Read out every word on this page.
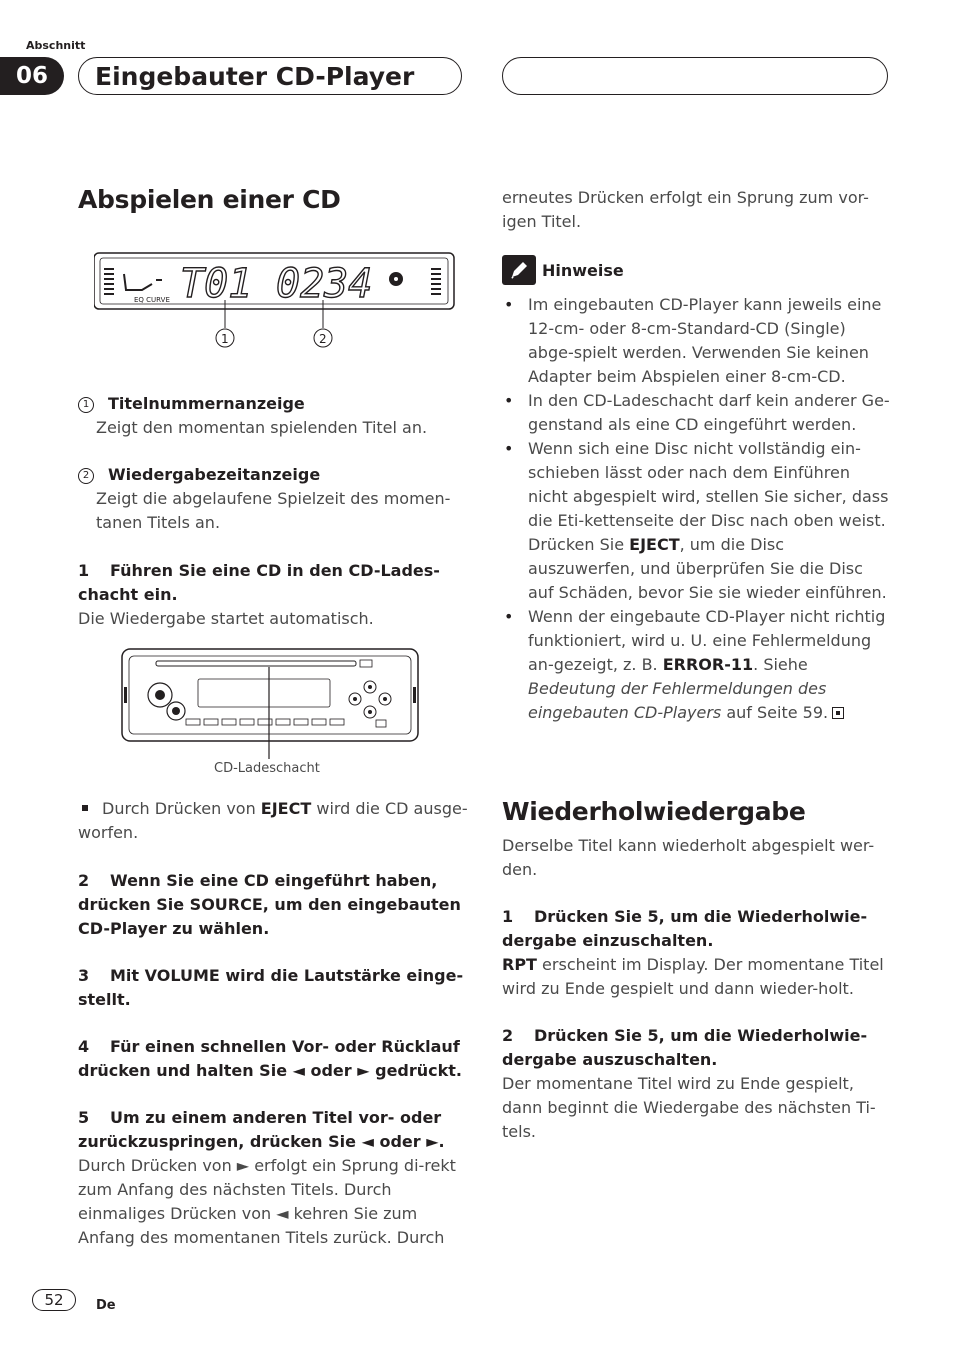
Abschnitt
06	Eingebauter CD-Player
Abspielen einer CD
EQ CURVE T01 0234
1	2
1 Titelnummernanzeige
Zeigt den momentan spielenden Titel an.
2 Wiedergabezeitanzeige
Zeigt die abgelaufene Spielzeit des momen-tanen Titels an.

1 Führen Sie eine CD in den CD-Lades-chacht ein.

Die Wiedergabe startet automatisch.
CD-Ladeschacht
Durch Drücken von EJECT wird die CD ausge-worfen.

2 Wenn Sie eine CD eingeführt haben, drücken Sie SOURCE, um den eingebauten CD-Player zu wählen.

3 Mit VOLUME wird die Lautstärke einge-stellt.

4 Für einen schnellen Vor- oder Rücklauf drücken und halten Sie ◄ oder ► gedrückt.

5 Um zu einem anderen Titel vor- oder zurückzuspringen, drücken Sie ◄ oder ►.

Durch Drücken von ► erfolgt ein Sprung di-rekt zum Anfang des nächsten Titels. Durch einmaliges Drücken von ◄ kehren Sie zum Anfang des momentanen Titels zurück. Durch
erneutes Drücken erfolgt ein Sprung zum vor-igen Titel.
Hinweise
• Im eingebauten CD-Player kann jeweils eine 12-cm- oder 8-cm-Standard-CD (Single) abge-spielt werden. Verwenden Sie keinen Adapter beim Abspielen einer 8-cm-CD.
• In den CD-Ladeschacht darf kein anderer Ge-genstand als eine CD eingeführt werden.
• Wenn sich eine Disc nicht vollständig ein-schieben lässt oder nach dem Einführen nicht abgespielt wird, stellen Sie sicher, dass die Eti-kettenseite der Disc nach oben weist. Drücken Sie EJECT, um die Disc auszuwerfen, und überprüfen Sie die Disc auf Schäden, bevor Sie sie wieder einführen.
• Wenn der eingebaute CD-Player nicht richtig funktioniert, wird u. U. eine Fehlermeldung an-gezeigt, z. B. ERROR-11. Siehe Bedeutung der Fehlermeldungen des eingebauten CD-Players auf Seite 59.
Wiederholwiedergabe
Derselbe Titel kann wiederholt abgespielt wer-den.

1 Drücken Sie 5, um die Wiederholwie-dergabe einzuschalten.

RPT erscheint im Display. Der momentane Titel wird zu Ende gespielt und dann wieder-holt.

2 Drücken Sie 5, um die Wiederholwie-dergabe auszuschalten.

Der momentane Titel wird zu Ende gespielt, dann beginnt die Wiedergabe des nächsten Ti-tels.
52 De
